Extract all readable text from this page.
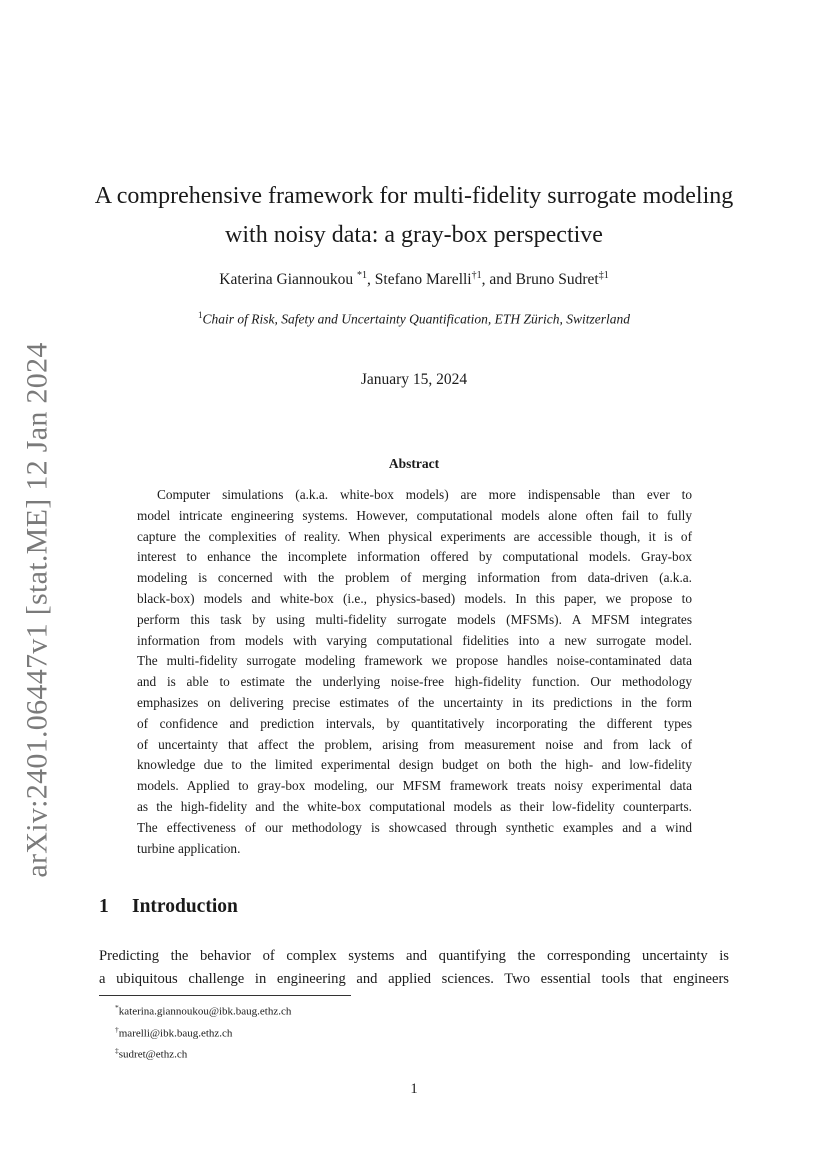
arXiv:2401.06447v1 [stat.ME] 12 Jan 2024
A comprehensive framework for multi-fidelity surrogate modeling
with noisy data: a gray-box perspective
Katerina Giannoukou $^{*1}$, Stefano Marelli$^{\dagger 1}$, and Bruno Sudret$^{\ddagger 1}$
$^1$Chair of Risk, Safety and Uncertainty Quantification, ETH Zürich, Switzerland
January 15, 2024
Abstract
Computer simulations (a.k.a. white-box models) are more indispensable than ever to
model intricate engineering systems. However, computational models alone often fail to fully
capture the complexities of reality. When physical experiments are accessible though, it is of
interest to enhance the incomplete information offered by computational models. Gray-box
modeling is concerned with the problem of merging information from data-driven (a.k.a.
black-box) models and white-box (i.e., physics-based) models. In this paper, we propose to
perform this task by using multi-fidelity surrogate models (MFSMs). A MFSM integrates
information from models with varying computational fidelities into a new surrogate model.
The multi-fidelity surrogate modeling framework we propose handles noise-contaminated data
and is able to estimate the underlying noise-free high-fidelity function. Our methodology
emphasizes on delivering precise estimates of the uncertainty in its predictions in the form
of confidence and prediction intervals, by quantitatively incorporating the different types
of uncertainty that affect the problem, arising from measurement noise and from lack of
knowledge due to the limited experimental design budget on both the high- and low-fidelity
models. Applied to gray-box modeling, our MFSM framework treats noisy experimental data
as the high-fidelity and the white-box computational models as their low-fidelity counterparts.
The effectiveness of our methodology is showcased through synthetic examples and a wind
turbine application.
1 Introduction
Predicting the behavior of complex systems and quantifying the corresponding uncertainty is
a ubiquitous challenge in engineering and applied sciences. Two essential tools that engineers
*katerina.giannoukou@ibk.baug.ethz.ch
†marelli@ibk.baug.ethz.ch
‡sudret@ethz.ch
1
